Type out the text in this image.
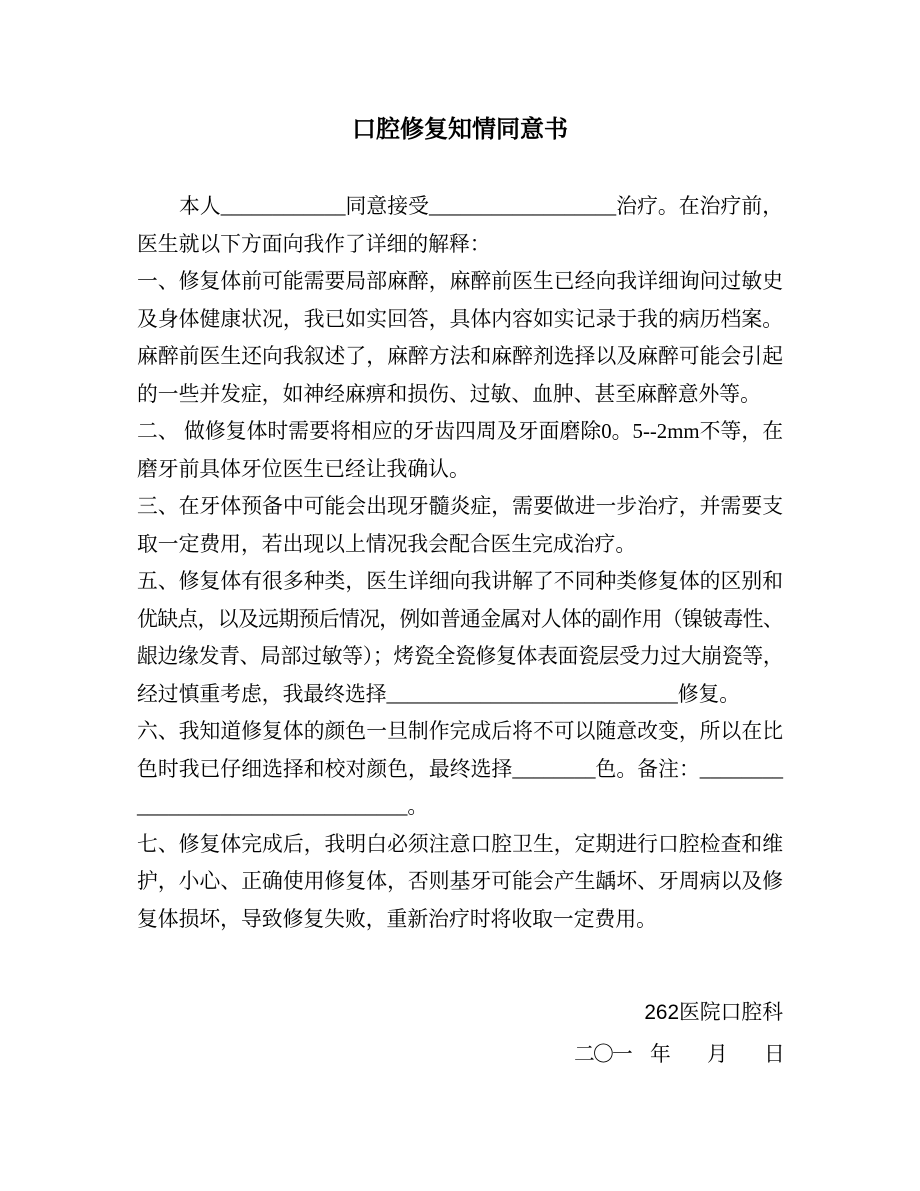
口腔修复知情同意书
本人____________同意接受__________________治疗。在治疗前，
医生就以下方面向我作了详细的解释：
一、修复体前可能需要局部麻醉，麻醉前医生已经向我详细询问过敏史
及身体健康状况，我已如实回答，具体内容如实记录于我的病历档案。
麻醉前医生还向我叙述了，麻醉方法和麻醉剂选择以及麻醉可能会引起
的一些并发症，如神经麻痹和损伤、过敏、血肿、甚至麻醉意外等。
二、 做修复体时需要将相应的牙齿四周及牙面磨除0。5--2mm不等，在
磨牙前具体牙位医生已经让我确认。
三、在牙体预备中可能会出现牙髓炎症，需要做进一步治疗，并需要支
取一定费用，若出现以上情况我会配合医生完成治疗。
五、修复体有很多种类，医生详细向我讲解了不同种类修复体的区别和
优缺点，以及远期预后情况，例如普通金属对人体的副作用（镍铍毒性、
龈边缘发青、局部过敏等）；烤瓷全瓷修复体表面瓷层受力过大崩瓷等，
经过慎重考虑，我最终选择____________________________修复。
六、我知道修复体的颜色一旦制作完成后将不可以随意改变，所以在比
色时我已仔细选择和校对颜色，最终选择________色。备注：________
__________________________。
七、修复体完成后，我明白必须注意口腔卫生，定期进行口腔检查和维
护，小心、正确使用修复体，否则基牙可能会产生龋坏、牙周病以及修
复体损坏，导致修复失败，重新治疗时将收取一定费用。
262医院口腔科
二〇一　年　　月　　日
